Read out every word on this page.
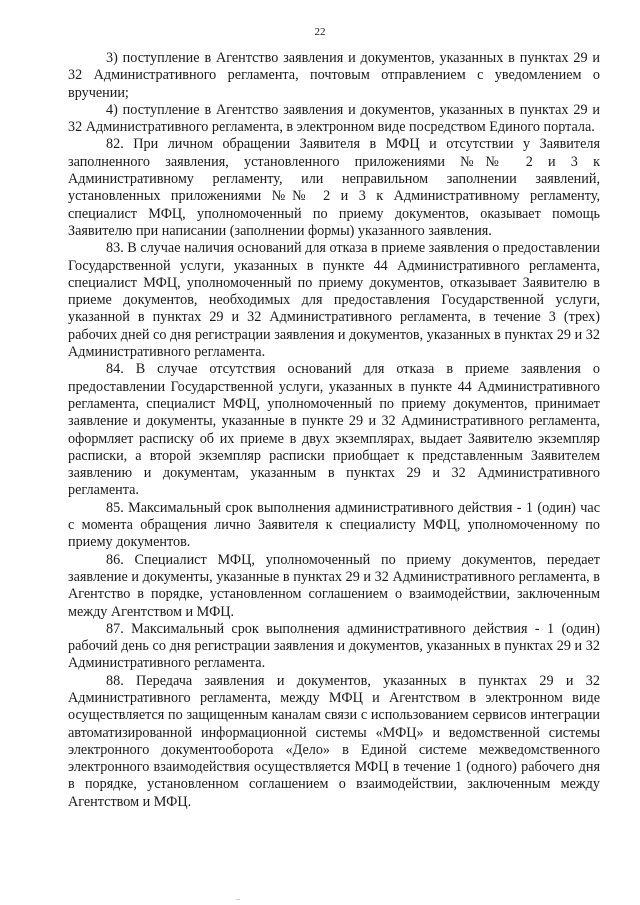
22

3) поступление в Агентство заявления и документов, указанных в пунктах 29 и 32 Административного регламента, почтовым отправлением с уведомлением о вручении;

4) поступление в Агентство заявления и документов, указанных в пунктах 29 и 32 Административного регламента, в электронном виде посредством Единого портала.

82. При личном обращении Заявителя в МФЦ и отсутствии у Заявителя заполненного заявления, установленного приложениями №№ 2 и 3 к Административному регламенту, или неправильном заполнении заявлений, установленных приложениями №№ 2 и 3 к Административному регламенту, специалист МФЦ, уполномоченный по приему документов, оказывает помощь Заявителю при написании (заполнении формы) указанного заявления.

83. В случае наличия оснований для отказа в приеме заявления о предоставлении Государственной услуги, указанных в пункте 44 Административного регламента, специалист МФЦ, уполномоченный по приему документов, отказывает Заявителю в приеме документов, необходимых для предоставления Государственной услуги, указанной в пунктах 29 и 32 Административного регламента, в течение 3 (трех) рабочих дней со дня регистрации заявления и документов, указанных в пунктах 29 и 32 Административного регламента.

84. В случае отсутствия оснований для отказа в приеме заявления о предоставлении Государственной услуги, указанных в пункте 44 Административного регламента, специалист МФЦ, уполномоченный по приему документов, принимает заявление и документы, указанные в пункте 29 и 32 Административного регламента, оформляет расписку об их приеме в двух экземплярах, выдает Заявителю экземпляр расписки, а второй экземпляр расписки приобщает к представленным Заявителем заявлению и документам, указанным в пунктах 29 и 32 Административного регламента.

85. Максимальный срок выполнения административного действия - 1 (один) час с момента обращения лично Заявителя к специалисту МФЦ, уполномоченному по приему документов.

86. Специалист МФЦ, уполномоченный по приему документов, передает заявление и документы, указанные в пунктах 29 и 32 Административного регламента, в Агентство в порядке, установленном соглашением о взаимодействии, заключенным между Агентством и МФЦ.

87. Максимальный срок выполнения административного действия - 1 (один) рабочий день со дня регистрации заявления и документов, указанных в пунктах 29 и 32 Административного регламента.

88. Передача заявления и документов, указанных в пунктах 29 и 32 Административного регламента, между МФЦ и Агентством в электронном виде осуществляется по защищенным каналам связи с использованием сервисов интеграции автоматизированной информационной системы «МФЦ» и ведомственной системы электронного документооборота «Дело» в Единой системе межведомственного электронного взаимодействия осуществляется МФЦ в течение 1 (одного) рабочего дня в порядке, установленном соглашением о взаимодействии, заключенным между Агентством и МФЦ.

..
